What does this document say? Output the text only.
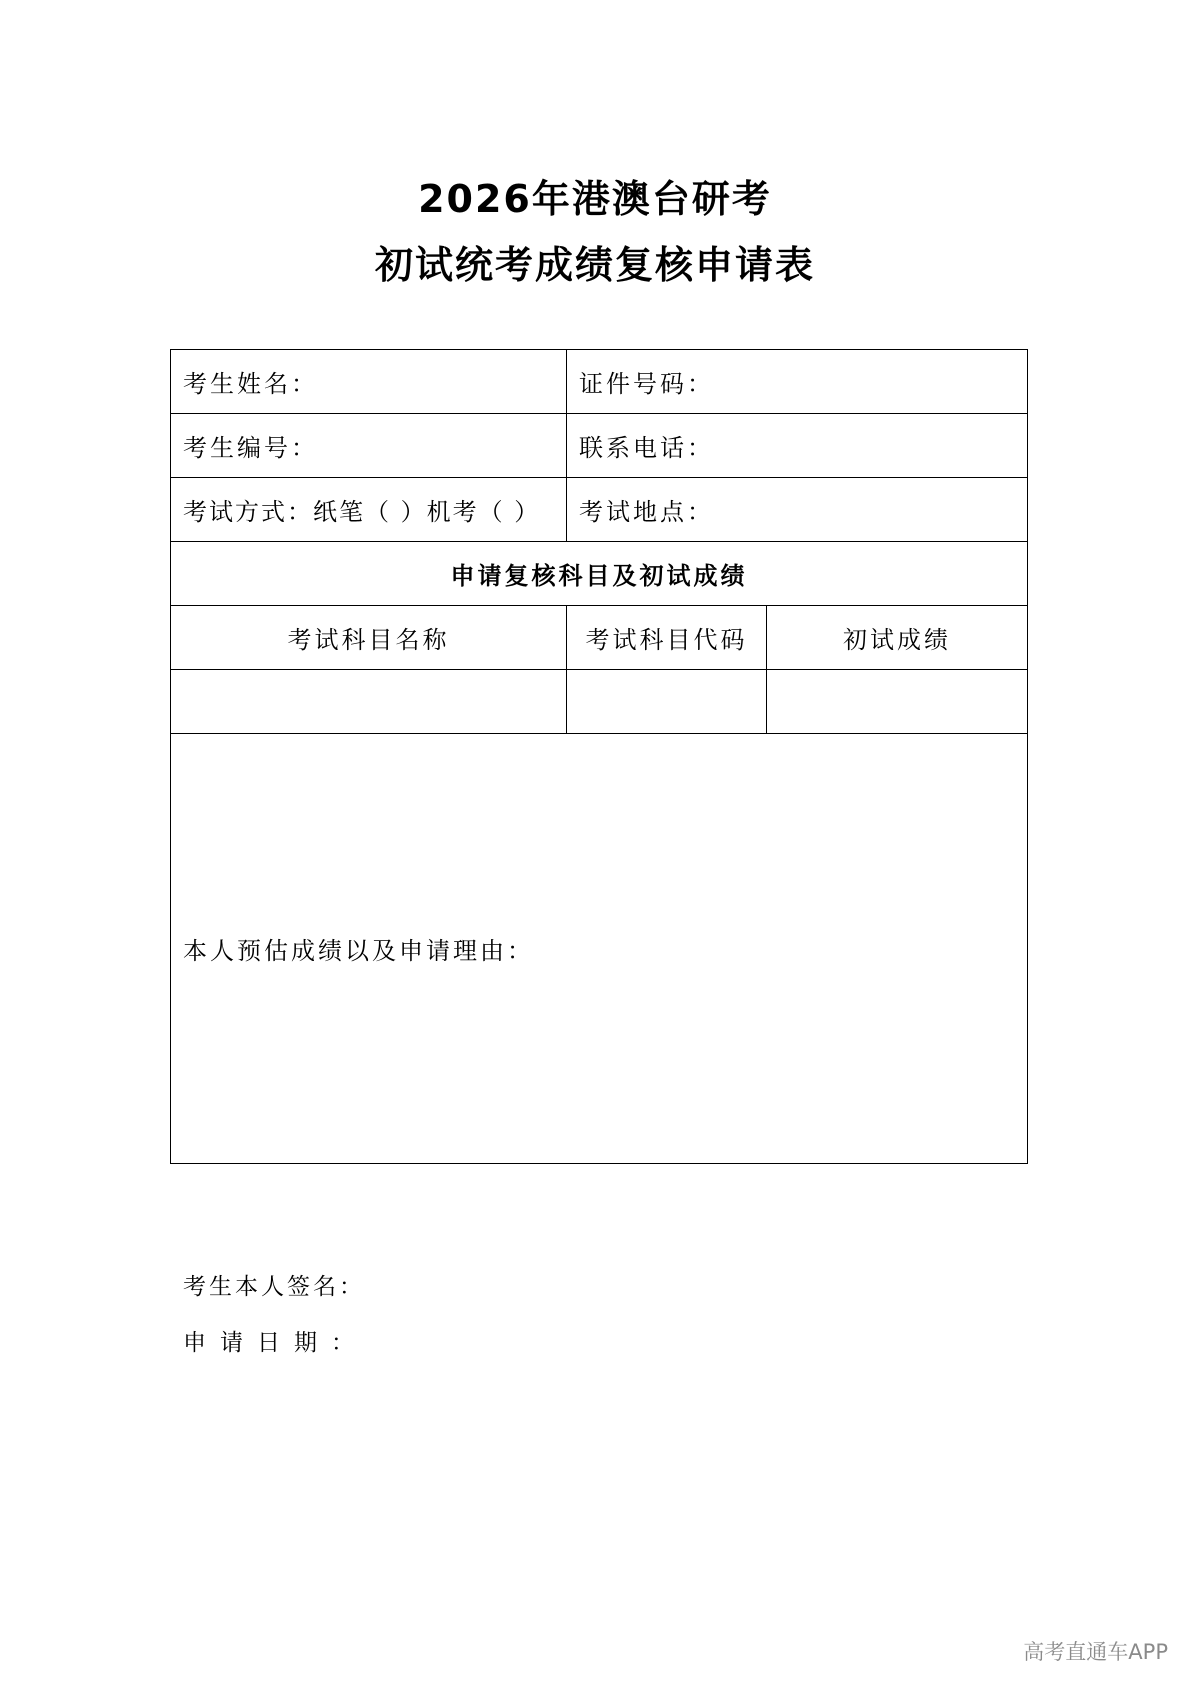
2026年港澳台研考
初试统考成绩复核申请表
考生姓名：	证件号码：	
考生编号：	联系电话：	
考试方式：纸笔（ ）机考（ ）	考试地点：	
申请复核科目及初试成绩		
考试科目名称	考试科目代码	初试成绩

本人预估成绩以及申请理由：		
考生本人签名：
申请日期：
高考直通车APP
